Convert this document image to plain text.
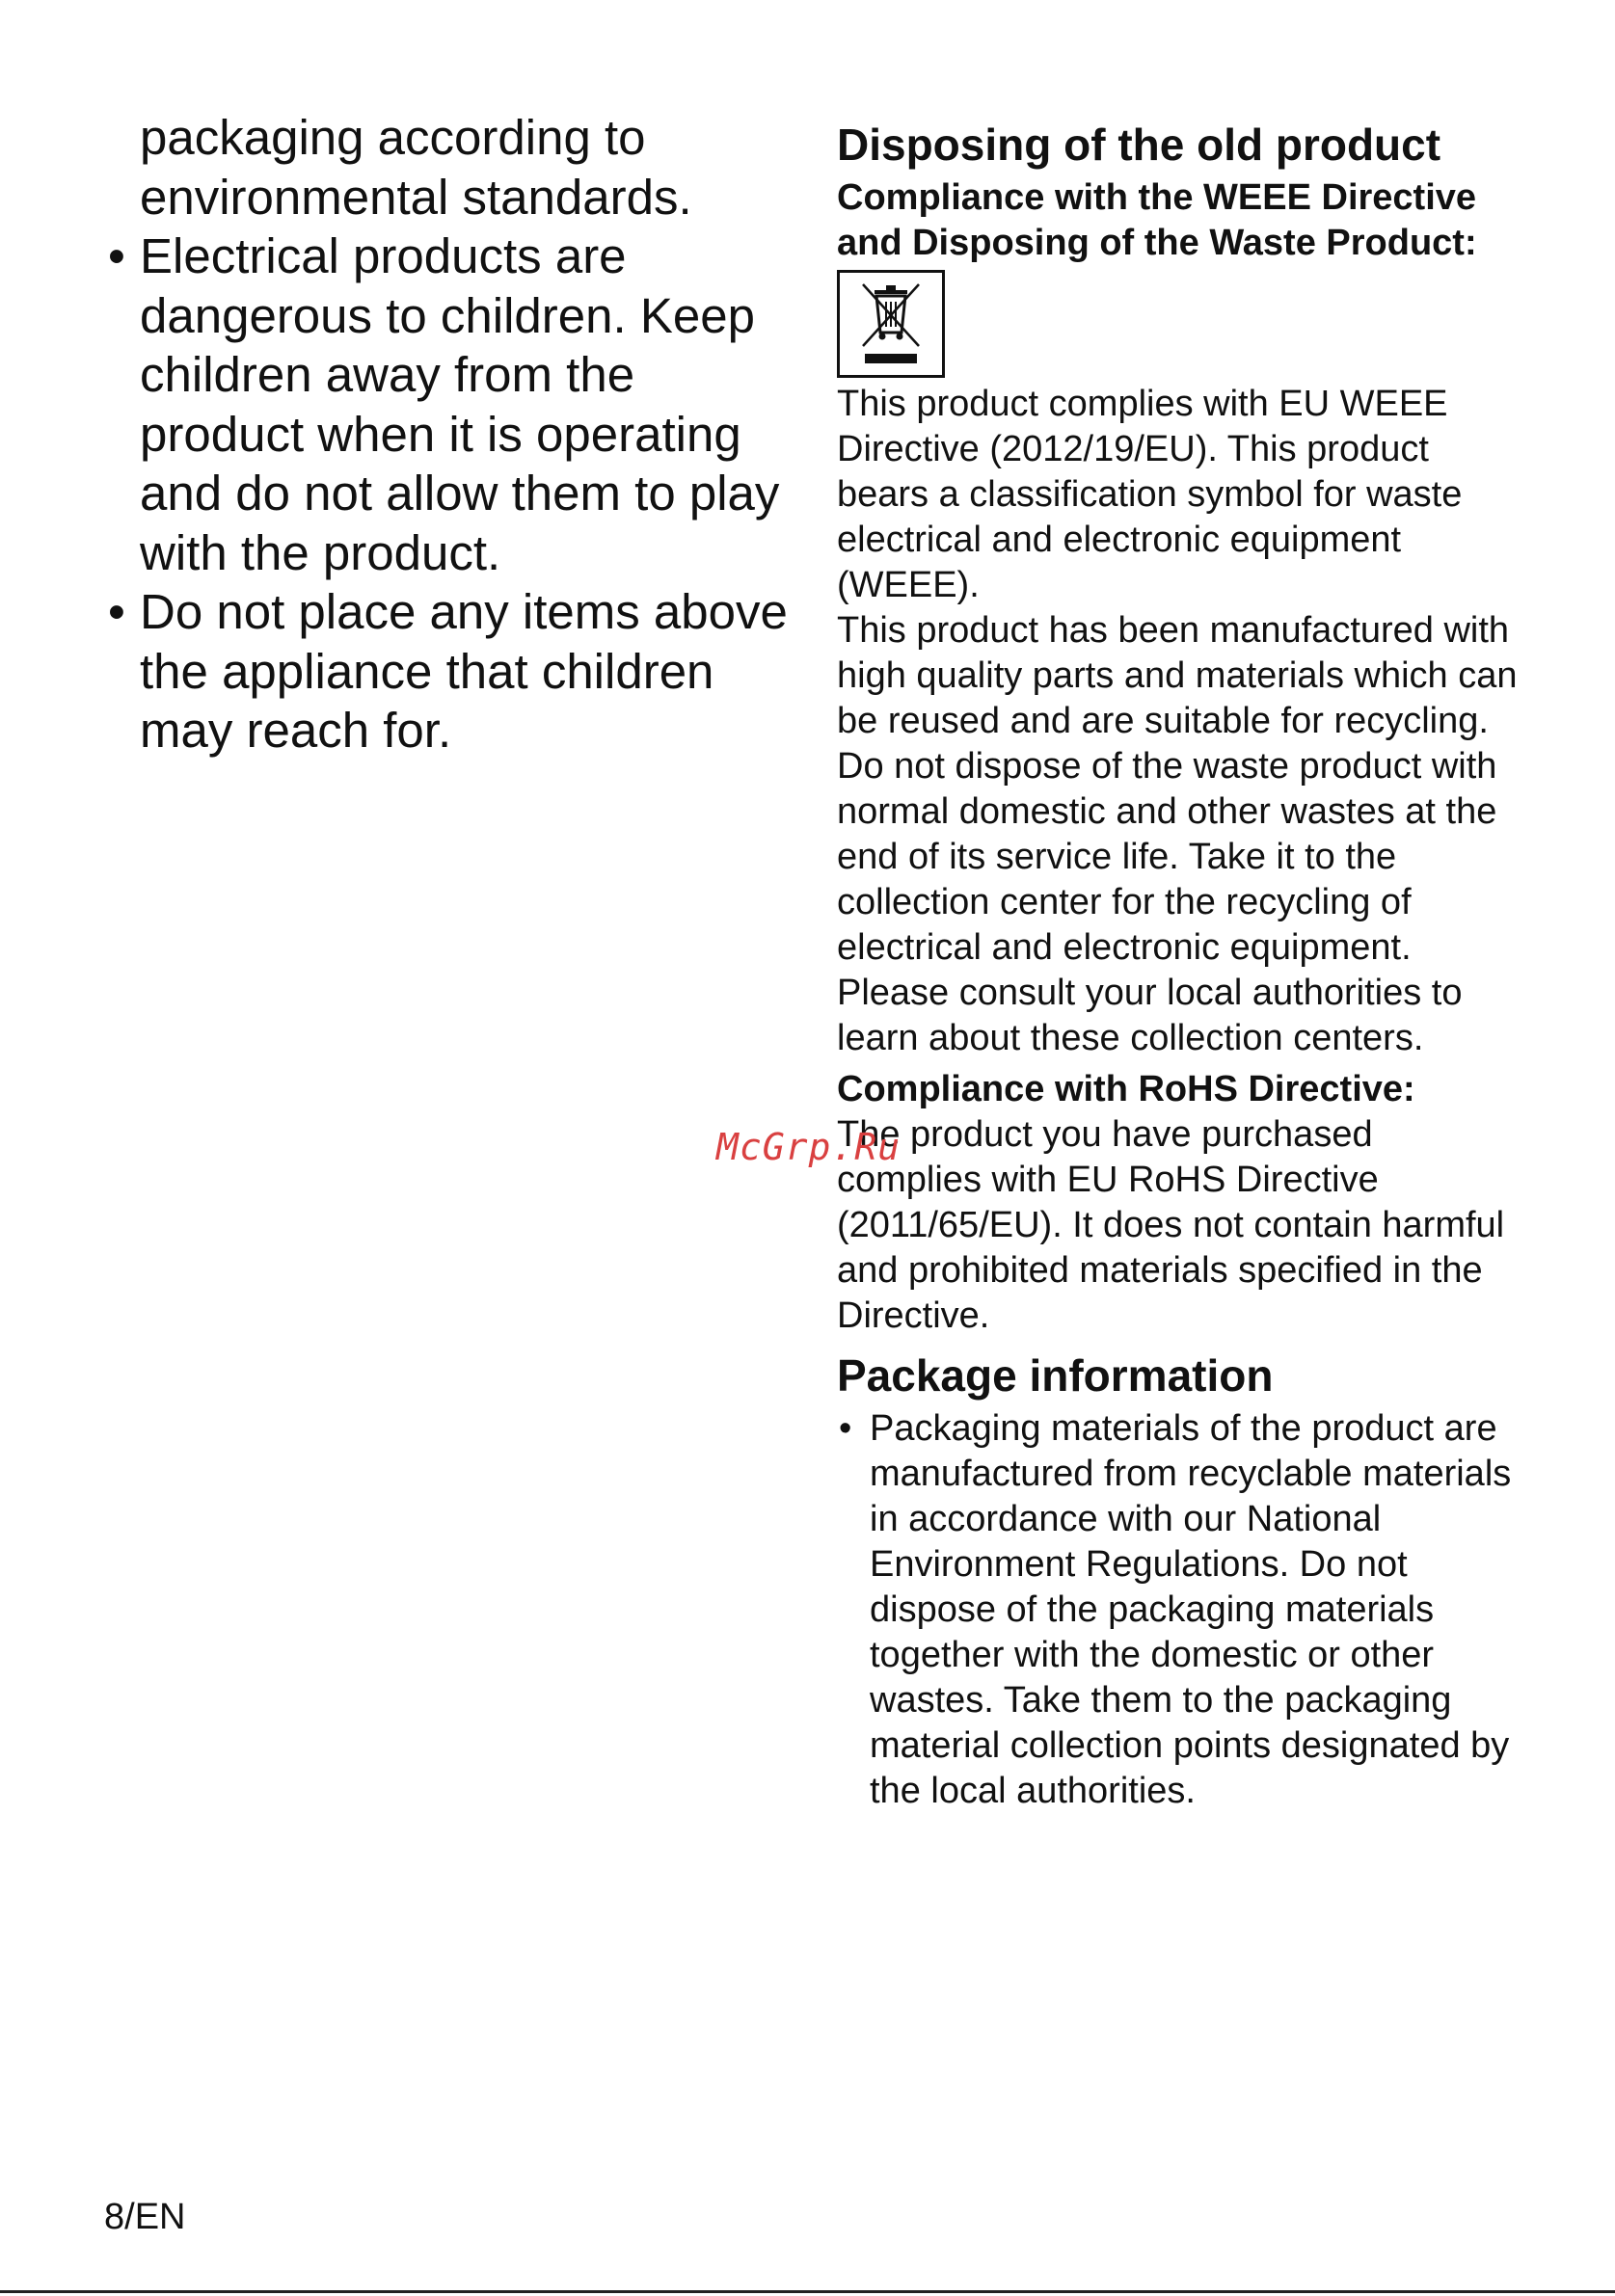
packaging according to environmental standards.

• Electrical products are dangerous to children. Keep children away from the product when it is operating and do not allow them to play with the product.
• Do not place any items above the appliance that children may reach for.
Disposing of the old product
Compliance with the WEEE Directive and Disposing of the Waste Product:

This product complies with EU WEEE Directive (2012/19/EU). This product bears a classification symbol for waste electrical and electronic equipment (WEEE).

This product has been manufactured with high quality parts and materials which can be reused and are suitable for recycling. Do not dispose of the waste product with normal domestic and other wastes at the end of its service life. Take it to the collection center for the recycling of electrical and electronic equipment. Please consult your local authorities to learn about these collection centers.

Compliance with RoHS Directive:

The product you have purchased complies with EU RoHS Directive (2011/65/EU). It does not contain harmful and prohibited materials specified in the Directive.

Package information
• Packaging materials of the product are manufactured from recyclable materials in accordance with our National Environment Regulations. Do not dispose of the packaging materials together with the domestic or other wastes. Take them to the packaging material collection points designated by the local authorities.
McGrp.Ru
8/EN
